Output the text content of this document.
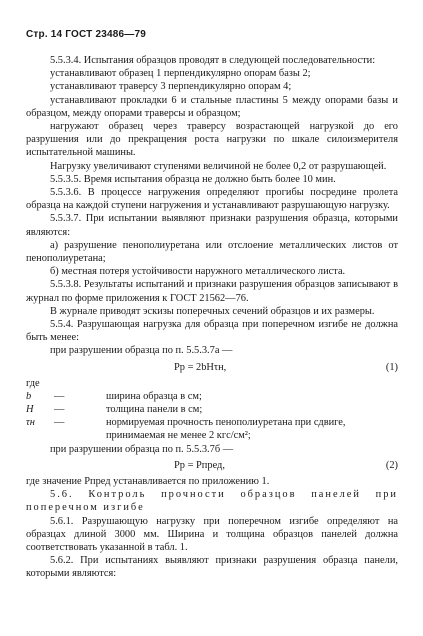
Стр. 14 ГОСТ 23486—79

5.5.3.4. Испытания образцов проводят в следующей последовательности:

устанавливают образец 1 перпендикулярно опорам базы 2;

устанавливают траверсу 3 перпендикулярно опорам 4;

устанавливают прокладки 6 и стальные пластины 5 между опорами базы и образцом, между опорами траверсы и образцом;

нагружают образец через траверсу возрастающей нагрузкой до его разрушения или до прекращения роста нагрузки по шкале силоизмерителя испытательной машины.

Нагрузку увеличивают ступенями величиной не более 0,2 от разрушающей.

5.5.3.5. Время испытания образца не должно быть более 10 мин.

5.5.3.6. В процессе нагружения определяют прогибы посредине пролета образца на каждой ступени нагружения и устанавливают разрушающую нагрузку.

5.5.3.7. При испытании выявляют признаки разрушения образца, которыми являются:

а) разрушение пенополиуретана или отслоение металлических листов от пенополиуретана;

б) местная потеря устойчивости наружного металлического листа.

5.5.3.8. Результаты испытаний и признаки разрушения образцов записывают в журнал по форме приложения к ГОСТ 21562—76.

В журнале приводят эскизы поперечных сечений образцов и их размеры.

5.5.4. Разрушающая нагрузка для образца при поперечном изгибе не должна быть менее:

при разрушении образца по п. 5.5.3.7а —

Pр = 2bHτн,	(1)

где

b —	ширина образца в см;
H —	толщина панели в см;
τн —	нормируемая прочность пенополиуретана при сдвиге, принимаемая не менее 2 кгс/см²;

при разрушении образца по п. 5.5.3.7б —

Pр = Pпред,	(2)

где значение Pпред устанавливается по приложению 1.

5.6. Контроль прочности образцов панелей при поперечном изгибе

5.6.1. Разрушающую нагрузку при поперечном изгибе определяют на образцах длиной 3000 мм. Ширина и толщина образцов панелей должна соответствовать указанной в табл. 1.

5.6.2. При испытаниях выявляют признаки разрушения образца панели, которыми являются:
